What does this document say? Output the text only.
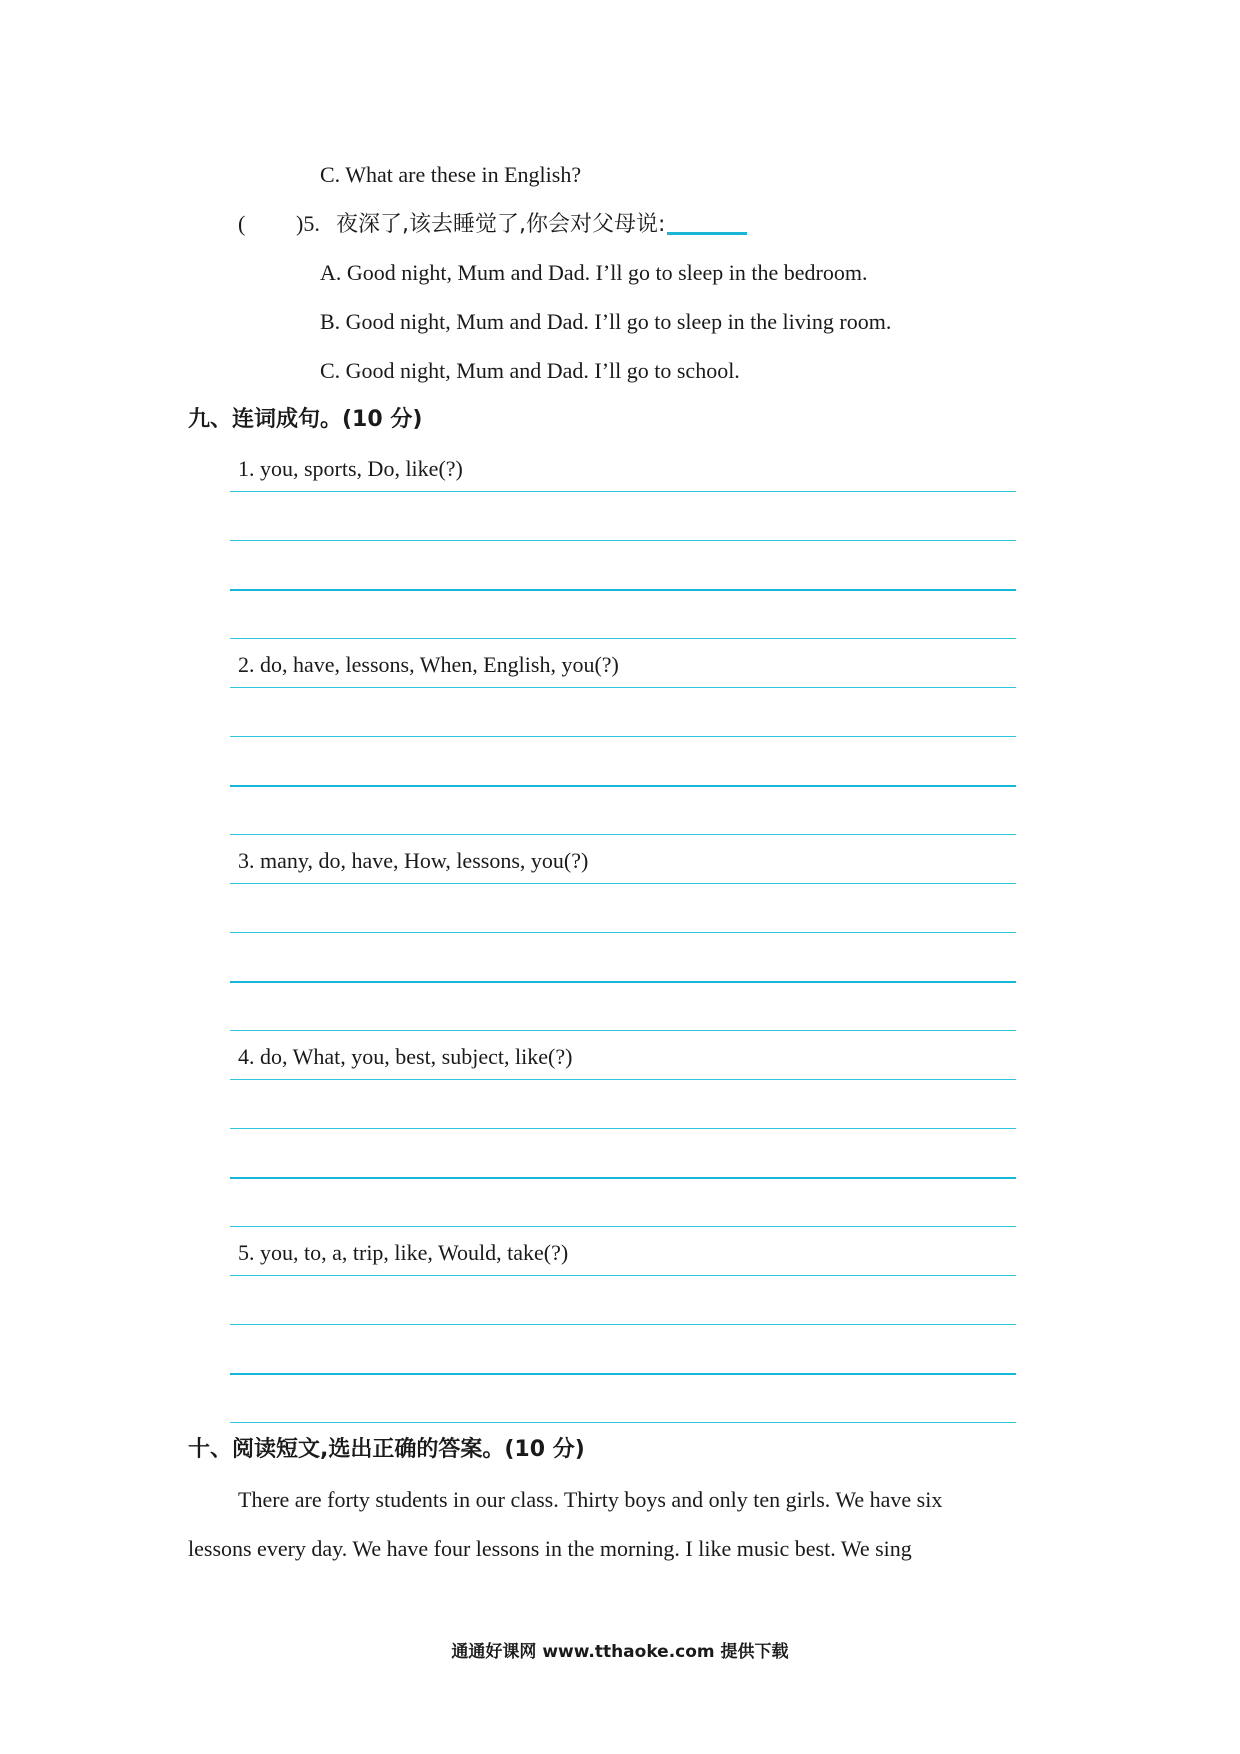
C. What are these in English?
( )5. 夜深了,该去睡觉了,你会对父母说:
A. Good night, Mum and Dad. I’ll go to sleep in the bedroom.
B. Good night, Mum and Dad. I’ll go to sleep in the living room.
C. Good night, Mum and Dad. I’ll go to school.
九、连词成句。(10 分)
1. you, sports, Do, like(?)
2. do, have, lessons, When, English, you(?)
3. many, do, have, How, lessons, you(?)
4. do, What, you, best, subject, like(?)
5. you, to, a, trip, like, Would, take(?)
十、阅读短文,选出正确的答案。(10 分)
There are forty students in our class. Thirty boys and only ten girls. We have six
lessons every day. We have four lessons in the morning. I like music best. We sing
通通好课网 www.tthaoke.com 提供下载
